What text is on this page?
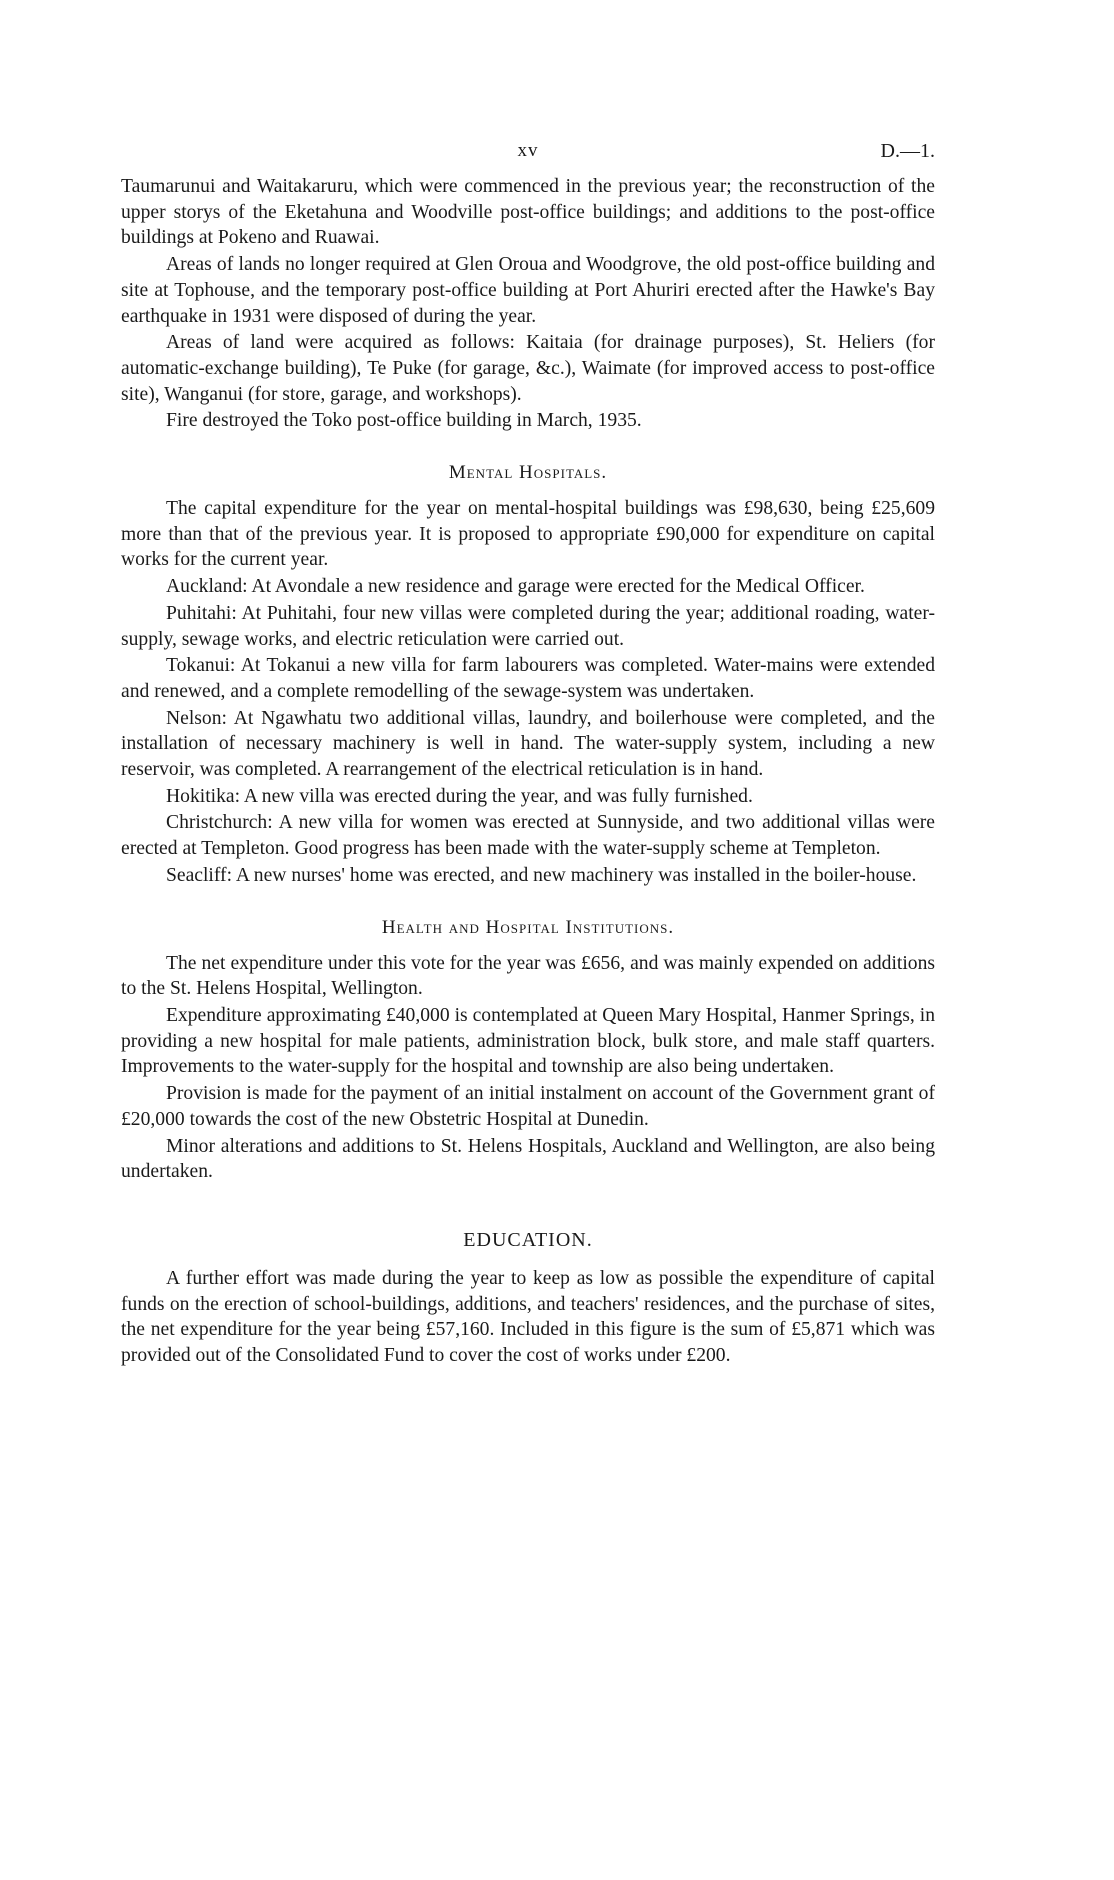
xv	D.—1.

Taumarunui and Waitakaruru, which were commenced in the previous year; the reconstruction of the upper storys of the Eketahuna and Woodville post-office buildings; and additions to the post-office buildings at Pokeno and Ruawai.

Areas of lands no longer required at Glen Oroua and Woodgrove, the old post-office building and site at Tophouse, and the temporary post-office building at Port Ahuriri erected after the Hawke's Bay earthquake in 1931 were disposed of during the year.

Areas of land were acquired as follows: Kaitaia (for drainage purposes), St. Heliers (for automatic-exchange building), Te Puke (for garage, &c.), Waimate (for improved access to post-office site), Wanganui (for store, garage, and workshops).

Fire destroyed the Toko post-office building in March, 1935.

Mental Hospitals.

The capital expenditure for the year on mental-hospital buildings was £98,630, being £25,609 more than that of the previous year. It is proposed to appropriate £90,000 for expenditure on capital works for the current year.

Auckland: At Avondale a new residence and garage were erected for the Medical Officer.

Puhitahi: At Puhitahi, four new villas were completed during the year; additional roading, water-supply, sewage works, and electric reticulation were carried out.

Tokanui: At Tokanui a new villa for farm labourers was completed. Water-mains were extended and renewed, and a complete remodelling of the sewage-system was undertaken.

Nelson: At Ngawhatu two additional villas, laundry, and boilerhouse were completed, and the installation of necessary machinery is well in hand. The water-supply system, including a new reservoir, was completed. A rearrangement of the electrical reticulation is in hand.

Hokitika: A new villa was erected during the year, and was fully furnished.

Christchurch: A new villa for women was erected at Sunnyside, and two additional villas were erected at Templeton. Good progress has been made with the water-supply scheme at Templeton.

Seacliff: A new nurses' home was erected, and new machinery was installed in the boiler-house.

Health and Hospital Institutions.

The net expenditure under this vote for the year was £656, and was mainly expended on additions to the St. Helens Hospital, Wellington.

Expenditure approximating £40,000 is contemplated at Queen Mary Hospital, Hanmer Springs, in providing a new hospital for male patients, administration block, bulk store, and male staff quarters. Improvements to the water-supply for the hospital and township are also being undertaken.

Provision is made for the payment of an initial instalment on account of the Government grant of £20,000 towards the cost of the new Obstetric Hospital at Dunedin.

Minor alterations and additions to St. Helens Hospitals, Auckland and Wellington, are also being undertaken.

EDUCATION.

A further effort was made during the year to keep as low as possible the expenditure of capital funds on the erection of school-buildings, additions, and teachers' residences, and the purchase of sites, the net expenditure for the year being £57,160. Included in this figure is the sum of £5,871 which was provided out of the Consolidated Fund to cover the cost of works under £200.
